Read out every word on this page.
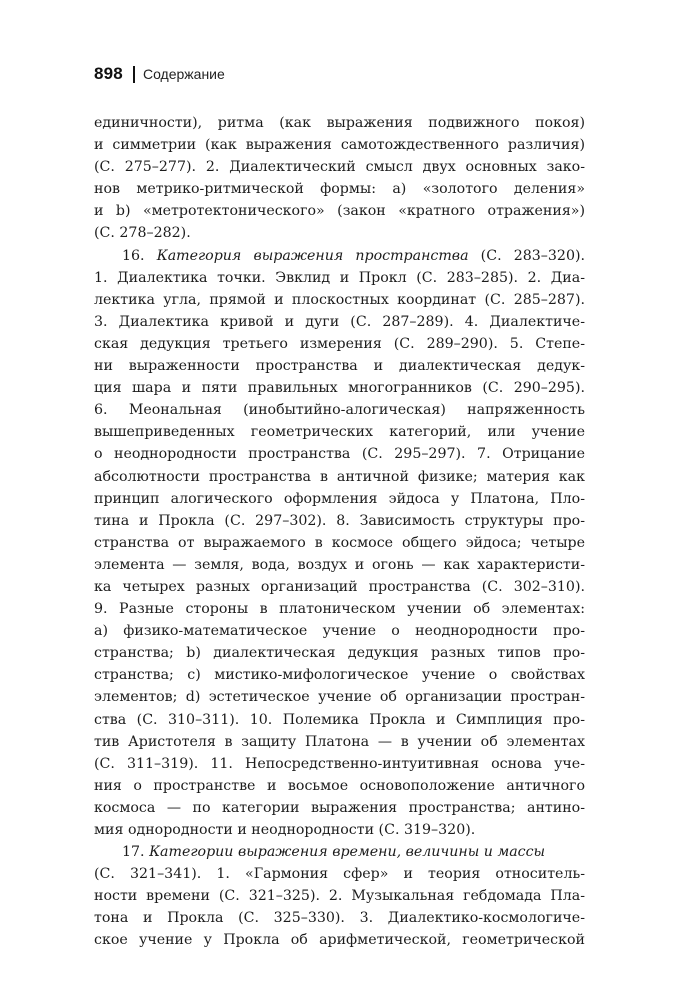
898 Содержание
единичности), ритма (как выражения подвижного покоя)
и симметрии (как выражения самотождественного различия)
(С. 275–277). 2. Диалектический смысл двух основных зако-
нов метрико-ритмической формы: а) «золотого деления»
и b) «метротектонического» (закон «кратного отражения»)
(С. 278–282).
16. Категория выражения пространства (С. 283–320).
1. Диалектика точки. Эвклид и Прокл (С. 283–285). 2. Диа-
лектика угла, прямой и плоскостных координат (С. 285–287).
3. Диалектика кривой и дуги (С. 287–289). 4. Диалектиче-
ская дедукция третьего измерения (С. 289–290). 5. Степе-
ни выраженности пространства и диалектическая дедук-
ция шара и пяти правильных многогранников (С. 290–295).
6. Меональная (инобытийно-алогическая) напряженность
вышеприведенных геометрических категорий, или учение
о неоднородности пространства (С. 295–297). 7. Отрицание
абсолютности пространства в античной физике; материя как
принцип алогического оформления эйдоса у Платона, Пло-
тина и Прокла (С. 297–302). 8. Зависимость структуры про-
странства от выражаемого в космосе общего эйдоса; четыре
элемента — земля, вода, воздух и огонь — как характеристи-
ка четырех разных организаций пространства (С. 302–310).
9. Разные стороны в платоническом учении об элементах:
a) физико-математическое учение о неоднородности про-
странства; b) диалектическая дедукция разных типов про-
странства; c) мистико-мифологическое учение о свойствах
элементов; d) эстетическое учение об организации простран-
ства (С. 310–311). 10. Полемика Прокла и Симплиция про-
тив Аристотеля в защиту Платона — в учении об элементах
(С. 311–319). 11. Непосредственно-интуитивная основа уче-
ния о пространстве и восьмое основоположение античного
космоса — по категории выражения пространства; антино-
мия однородности и неоднородности (С. 319–320).
17. Категории выражения времени, величины и массы
(С. 321–341). 1. «Гармония сфер» и теория относитель-
ности времени (С. 321–325). 2. Музыкальная гебдомада Пла-
тона и Прокла (С. 325–330). 3. Диалектико-космологиче-
ское учение у Прокла об арифметической, геометрической
